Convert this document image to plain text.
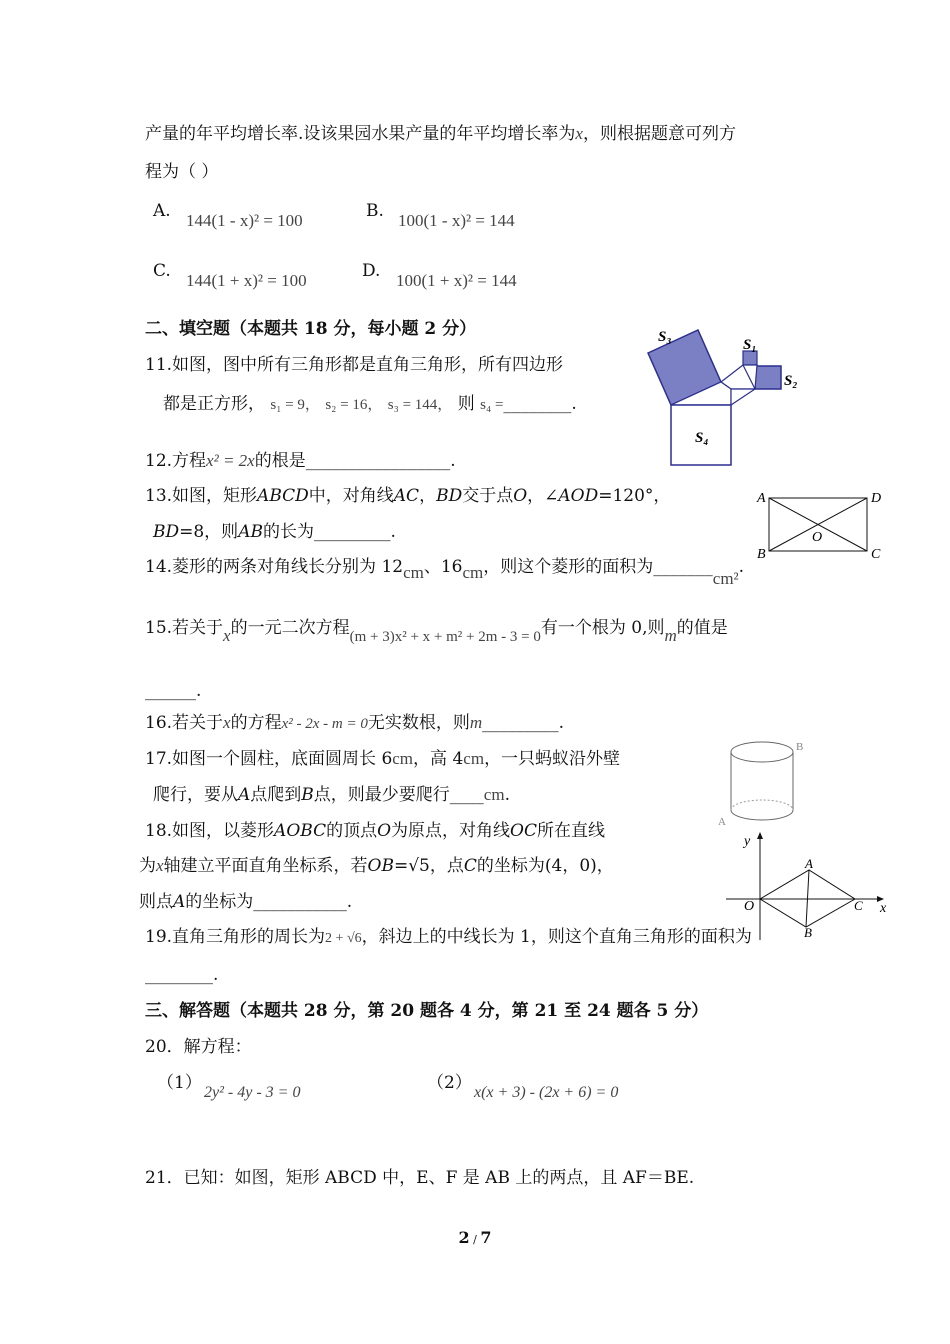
产量的年平均增长率.设该果园水果产量的年平均增长率为x，则根据题意可列方
程为（ ）
A. 144(1 - x)² = 100	B. 100(1 - x)² = 144
C. 144(1 + x)² = 100	D. 100(1 + x)² = 144
二、填空题（本题共 18 分，每小题 2 分）
11.如图，图中所有三角形都是直角三角形，所有四边形
都是正方形， s₁ = 9， s₂ = 16， s₃ = 144， 则 s₄ =________.
S₃	S₁
S₂
S₄
12.方程x² = 2x的根是_________________.
13.如图，矩形ABCD中，对角线AC，BD交于点O，∠AOD=120°，
BD=8，则AB的长为_________.
A	D
B	C
O
14.菱形的两条对角线长分别为 12cm、16cm，则这个菱形的面积为_______cm².
15.若关于x的一元二次方程(m + 3)x² + x + m² + 2m - 3 = 0有一个根为 0,则m的值是
______.
16.若关于x的方程x² - 2x - m = 0无实数根，则m_________.
17.如图一个圆柱，底面圆周长 6cm，高 4cm，一只蚂蚁沿外壁
爬行，要从A点爬到B点，则最少要爬行____cm.
B
A
18.如图，以菱形AOBC的顶点O为原点，对角线OC所在直线
为x轴建立平面直角坐标系，若OB=√5，点C的坐标为(4，0)，
则点A的坐标为___________.
y
x
O
A
C
B
19.直角三角形的周长为2 + √6，斜边上的中线长为 1，则这个直角三角形的面积为
________.
三、解答题（本题共 28 分，第 20 题各 4 分，第 21 至 24 题各 5 分）
20．解方程：
（1） 2y² - 4y - 3 = 0	（2） x(x + 3) - (2x + 6) = 0
21．已知：如图，矩形 ABCD 中，E、F 是 AB 上的两点，且 AF＝BE.
2 / 7
